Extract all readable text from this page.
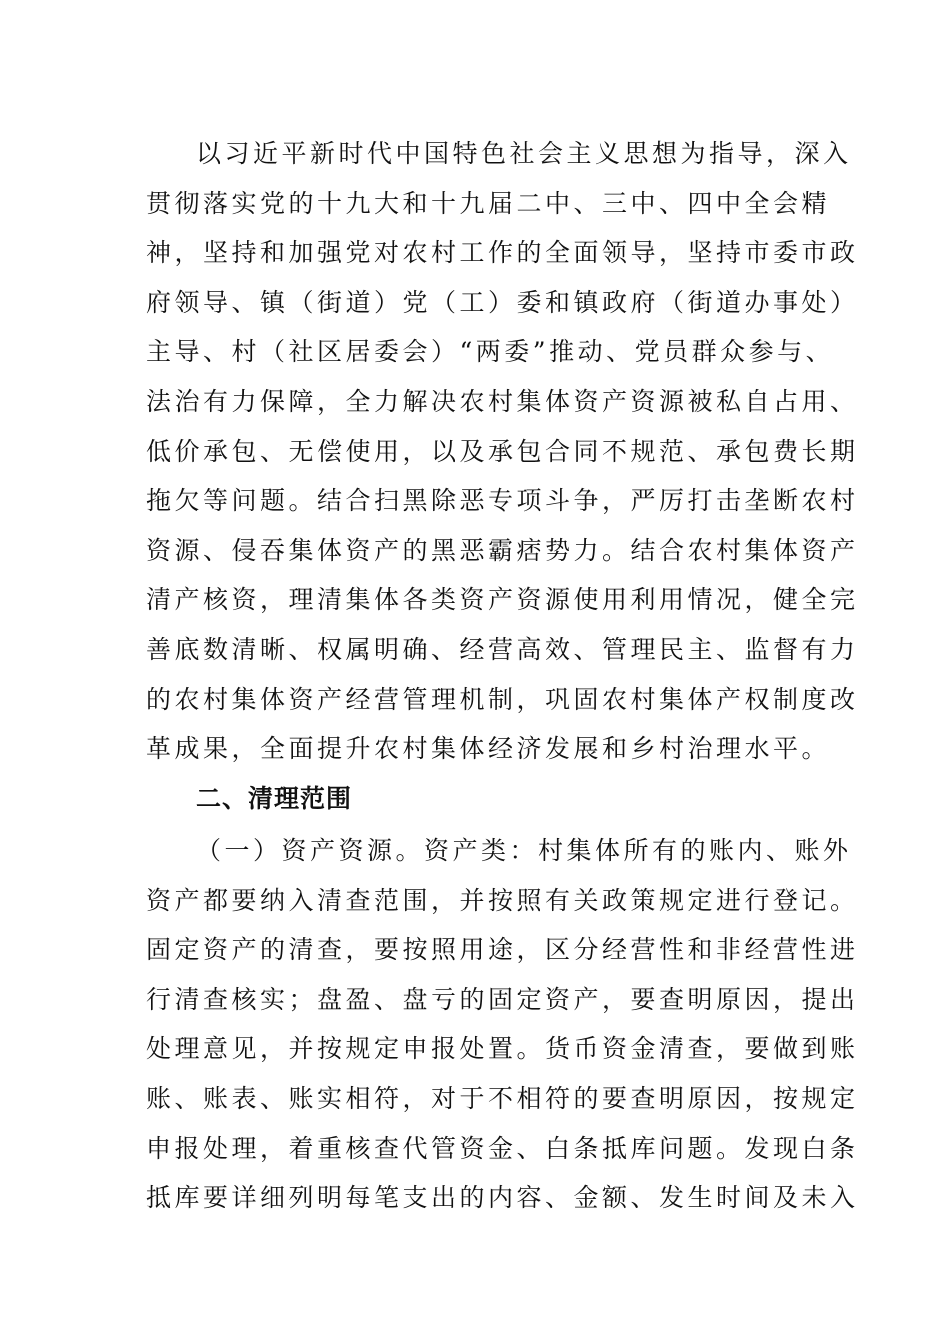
以习近平新时代中国特色社会主义思想为指导，深入
贯彻落实党的十九大和十九届二中、三中、四中全会精
神，坚持和加强党对农村工作的全面领导，坚持市委市政
府领导、镇（街道）党（工）委和镇政府（街道办事处）
主导、村（社区居委会）“两委”推动、党员群众参与、
法治有力保障，全力解决农村集体资产资源被私自占用、
低价承包、无偿使用，以及承包合同不规范、承包费长期
拖欠等问题。结合扫黑除恶专项斗争，严厉打击垄断农村
资源、侵吞集体资产的黑恶霸痞势力。结合农村集体资产
清产核资，理清集体各类资产资源使用利用情况，健全完
善底数清晰、权属明确、经营高效、管理民主、监督有力
的农村集体资产经营管理机制，巩固农村集体产权制度改
革成果，全面提升农村集体经济发展和乡村治理水平。
二、清理范围
（一）资产资源。资产类：村集体所有的账内、账外
资产都要纳入清查范围，并按照有关政策规定进行登记。
固定资产的清查，要按照用途，区分经营性和非经营性进
行清查核实；盘盈、盘亏的固定资产，要查明原因，提出
处理意见，并按规定申报处置。货币资金清查，要做到账
账、账表、账实相符，对于不相符的要查明原因，按规定
申报处理，着重核查代管资金、白条抵库问题。发现白条
抵库要详细列明每笔支出的内容、金额、发生时间及未入
